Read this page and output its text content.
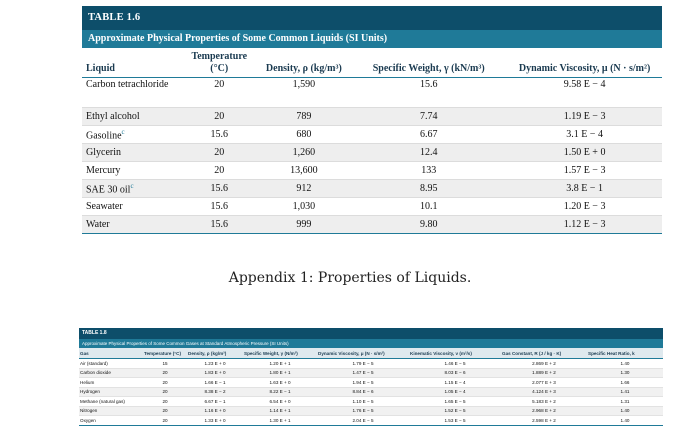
TABLE 1.6
Approximate Physical Properties of Some Common Liquids (SI Units)
Liquid	Temperature (°C)	Density, ρ (kg/m³)	Specific Weight, γ (kN/m³)	Dynamic Viscosity, μ (N · s/m²)
Carbon tetrachloride	20	1,590	15.6	9.58 E − 4
Ethyl alcohol	20	789	7.74	1.19 E − 3
Gasoline$^c$	15.6	680	6.67	3.1 E − 4
Glycerin	20	1,260	12.4	1.50 E + 0
Mercury	20	13,600	133	1.57 E − 3
SAE 30 oil$^c$	15.6	912	8.95	3.8 E − 1
Seawater	15.6	1,030	10.1	1.20 E − 3
Water	15.6	999	9.80	1.12 E − 3
Appendix 1: Properties of Liquids.
TABLE 1.8
Approximate Physical Properties of Some Common Gases at Standard Atmospheric Pressure (SI Units)
Gas	Temperature (°C)	Density, ρ (kg/m³)	Specific Weight, γ (N/m³)	Dynamic Viscosity, μ (N · s/m²)	Kinematic Viscosity, ν (m²/s)	Gas Constant, R (J / kg · K)	Specific Heat Ratio, k
Air (standard)	15	1.23 E + 0	1.20 E + 1	1.79 E − 5	1.46 E − 5	2.869 E + 2	1.40
Carbon dioxide	20	1.83 E + 0	1.80 E + 1	1.47 E − 5	8.03 E − 6	1.889 E + 2	1.30
Helium	20	1.66 E − 1	1.63 E + 0	1.94 E − 5	1.15 E − 4	2.077 E + 3	1.66
Hydrogen	20	8.38 E − 2	8.22 E − 1	8.84 E − 6	1.05 E − 4	4.124 E + 3	1.41
Methane (natural gas)	20	6.67 E − 1	6.54 E + 0	1.10 E − 5	1.65 E − 5	5.183 E + 2	1.31
Nitrogen	20	1.16 E + 0	1.14 E + 1	1.76 E − 5	1.52 E − 5	2.968 E + 2	1.40
Oxygen	20	1.33 E + 0	1.30 E + 1	2.04 E − 5	1.53 E − 5	2.598 E + 2	1.40
